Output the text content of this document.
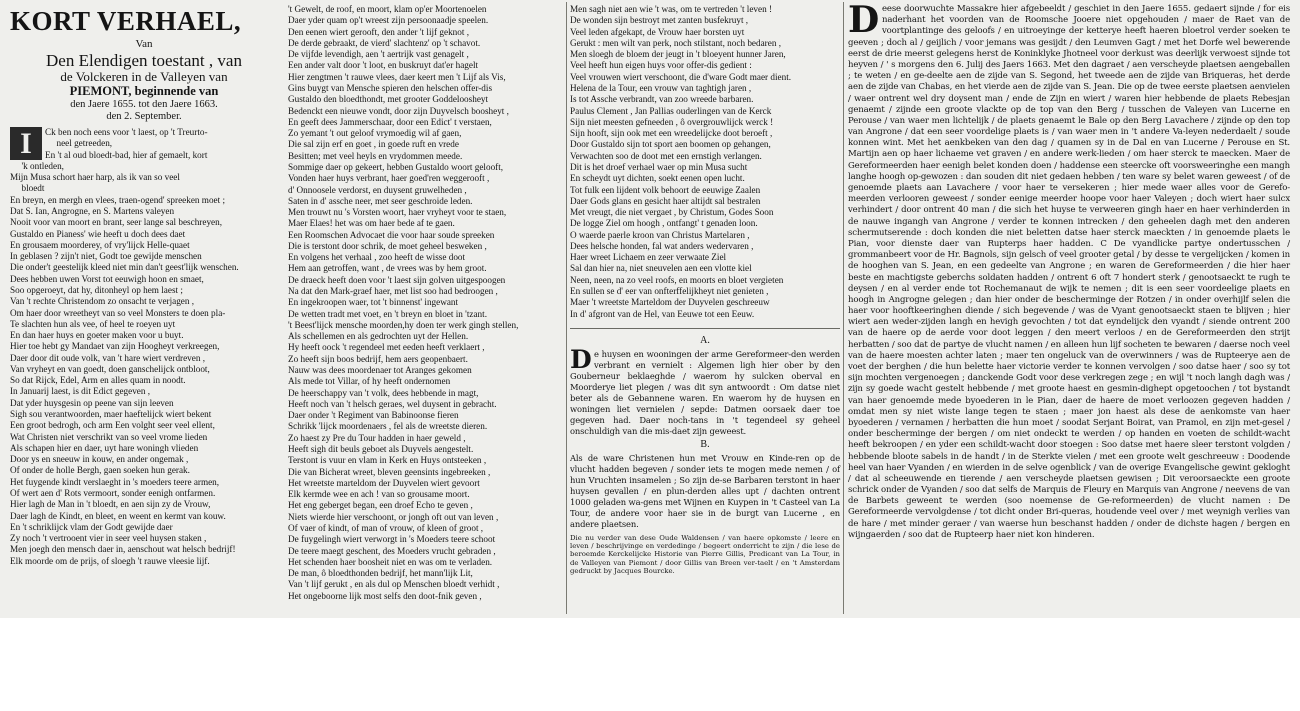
KORT VERHAEL,
Van
Den Elendigen toestant , van
de Volckeren in de Valleyen van
PIEMONT, beginnende van
den Jaere 1655. tot den Jaere 1663.
den 2. September.
I	Ck ben noch eens voor 't laest, op 't Treurto-
neel getreeden,
En 't al oud bloedt-bad, hier af gemaelt, kort
'k ontleden,
Mijn Musa schort haer harp, als ik van so veel
bloedt
En breyn, en mergh en vlees, traen-ogend' spreeken moet ;
Dat S. Ian, Angrogne, en S. Martens valeyen
Nooit voor van moort en brant, seer lange sal beschreyen,
Gustaldo en Pianess' wie heeft u doch dees daet
En grousaem moorderey, of vry'lijck Helle-quaet
In geblasen ? zijn't niet, Godt toe gewijde menschen
Die onder't geestelijk kleed niet min dan't geest'lijk wenschen.
Dees hebben uwen Vorst tot eeuwigh hoon en smaet,
Soo opgeroeyt, dat hy, ditonheyl op hem laest ;
Van 't rechte Christendom zo onsacht te verjagen ,
Om haer door wreetheyt van so veel Monsters te doen pla-
Te slachten hun als vee, of heel te roeyen uyt
En dan haer huys en goeter maken voor u buyt.
Hier toe hebt gy Mandaet van zijn Hoogheyt verkreegen,
Daer door dit oude volk, van 't hare wiert verdreven ,
Van vryheyt en van goedt, doen ganschelijck ontbloot,
So dat Rijck, Edel, Arm en alles quam in noodt.
In Januarij laest, is dit Edict gegeven ,
Dat yder huysgesin op peene van sijn leeven
Sigh sou verantwoorden, maer haeftelijck wiert bekent
Een groot bedrogh, och arm Een volght seer veel ellent,
Wat Christen niet verschrikt van so veel vrome lieden
Als schapen hier en daer, uyt hare woningh vlieden
Door ys en sneeuw in kouw, en ander ongemak ,
Of onder de holle Bergh, gaen soeken hun gerak.
Het fuygende kindt verslaeght in 's moeders teere armen,
Of wert aen d' Rots vermoort, sonder eenigh ontfarmen.
Hier lagh de Man in 't bloedt, en aen sijn zy de Vrouw,
Daer lagh de Kindt, en bleet, en weent en kermt van kouw.
En 't schriklijck vlam der Godt gewijde daer
Zy noch 't vertrooent vier in seer veel huysen staken ,
Men joegh den mensch daer in, aenschout wat helsch bedrijf!
Elk moorde om de prijs, of sloegh 't rauwe vleesie lijf.
't Gewelt, de roof, en moort, klam op'er Moortenoelen
Daer yder quam op't wreest zijn persoonaadje speelen.
Den eenen wiert gerooft, den ander 't lijf geknot ,
De derde gebraakt, de vierd' slachtenz' op 't schavot.
De vijfde levendigh, aen 't aertrijk vast genagelt ,
Een ander valt door 't loot, en buskruyt dat'er hagelt
Hier zengtmen 't rauwe vlees, daer keert men 't Lijf als Vis,
Gins buygt van Mensche spieren den helschen offer-dis
Gustaldo den bloedthondt, met grooter Goddeloosheyt
Bedenckt een nieuwe vondt, door zijn Duyvelsch boosheyt ,
En geeft dees Jammerschaar, door een Edict' t verstaen,
Zo yemant 't out geloof vrymoedig wil af gaen,
Die sal zijn erf en goet , in goede ruft en vrede
Besitten; met veel heyls en vrydommen meede.
Sommige daer op gekeert, hebben Gustaldo woort gelooft,
Vonden haer huys verbrant, haer goed'ren weggerooft ,
d' Onnoosele verdorst, en duysent gruwelheden ,
Saten in d' assche neer, met seer geschroide leden.
Men trouwt nu 's Vorsten woort, haer vryheyt voor te staen,
Maer Elaes! het was om haer bede af te gaen.
Een Roomschen Advocaet die voor haar soude spreeken
Die is terstont door schrik, de moet geheel besweken ,
En volgens het verhaal , zoo heeft de wisse doot
Hem aan getroffen, want , de vrees was by hem groot.
De draeck heeft doen voor 't laest sijn golven uitgespoogen
Na dat den Mark-graef haer, met list soo had bedroogen ,
En ingekroopen waer, tot 't binnenst' ingewant
De wetten tradt met voet, en 't breyn en bloet in 'tzant.
't Beest'lijck mensche moorden,hy doen ter werk gingh stellen,
Als schellemen en als gedrochten uyt der Hellen.
Hy heeft oock 't regendeel met eeden heeft verklaert ,
Zo heeft sijn boos bedrijf, hem aers geopenbaert.
Nauw was dees moordenaer tot Aranges gekomen
Als mede tot Villar, of hy heeft ondernomen
De heerschappy van 't volk, dees hebbende in magt,
Heeft noch van 't helsch geraes, wel duysent in gebracht.
Daer onder 't Regiment van Babinoonse fieren
Schrikk 'lijck moordenaers , fel als de wreetste dieren.
Zo haest zy Pre du Tour hadden in haer geweld ,
Heeft sigh dit beuls geboet als Duyvels aengestelt.
Terstont is vuur en vlam in Kerk en Huys ontsteeken ,
Die van Bicherat wreet, bleven geensints ingebreeken ,
Het wreetste marteldom der Duyvelen wiert gevoort
Elk kermde wee en ach ! van so grousame moort.
Het eng geberget began, een droef Echo te geven ,
Niets wierde hier verschoont, or jongh oft out van leven ,
Of vaer of kindt, of man of vrouw, of kleen of groot ,
De fuygelingh wiert verworgt in 's Moeders teere schoot
De teere maegt geschent, des Moeders vrucht gebraden ,
Het schenden haer boosheit niet en was om te verladen.
De man, ô bloedthonden bedrijf, het mann'lijk Lit,
Van 't lijf gerukt , en als dul op Menschen bloedt verhidt ,
Het ongeboorne lijk most selfs den doot-fnik geven ,
Men sagh niet aen wie 't was, om te vertreden 't leven !
De wonden sijn bestroyt met zanten busfekruyt ,
Veel leden afgekapt, de Vrouw haer borsten uyt
Gerukt : men wilt van perk, noch stilstant, noch bedaren ,
Men sloegh de bloem der jeugt in 't bloeyent hunner Jaren,
Veel heeft hun eigen huys voor offer-dis gedient :
Veel vrouwen wiert verschoont, die d'ware Godt maer dient.
Helena de la Tour, een vrouw van taghtigh jaren ,
Is tot Assche verbrandt, van zoo wreede barbaren.
Paulus Clement , Jan Pallias ouderlingen van de Kerck
Sijn niet meesten gefneeden , ô overgrouwlijck werck !
Sijn hooft, sijn ook met een wreedelijcke doot beroeft ,
Door Gustaldo sijn tot sport aen boomen op gehangen,
Verwachten soo de doot met een ernstigh verlangen.
Dit is het droef verhael waer op min Musa sucht
En scheydt uyt dichten, soekt eenen open lucht.
Tot fulk een lijdent volk behoort de eeuwige Zaalen
Daer Gods glans en gesicht haer altijdt sal bestralen
Met vreugt, die niet vergaet , by Christum, Godes Soon
De logge Ziel om hoogh , ontfangt' t genaden loon.
O waerde paerle kroon van Christus Martelaren ,
Dees helsche honden, fal wat anders wedervaren ,
Haer wreet Lichaem en zeer verwaate Ziel
Sal dan hier na, niet sneuvelen aen een vlotte kiel
Neen, neen, na zo veel roofs, en moorts en bloet vergieten
En sullen se d' eer van onfterffelijkheyt niet genieten ,
Maer 't wreetste Marteldom der Duyvelen geschreeuw
In d' afgront van de Hel, van Eeuwe tot een Eeuw.
A.
De huysen en wooningen der arme Gereformeer-den werden verbrant en vernielt : Algemen ligh hier ober by den Gouberneur beklaeghde / waerom hy sulcken oberval en Moorderye liet plegen / was dit syn antwoordt : Om datse niet beter als de Gebannene waren. En waerom hy de huysen en woningen liet vernielen / sepde: Datmen oorsaek daer toe gegeven had. Daer noch-tans in 't tegendeel sy geheel onschuldigh van die mis-daet zijn geweest.
B.
Als de ware Christenen hun met Vrouw en Kinde-ren op de vlucht hadden begeven / sonder iets te mogen mede nemen / of hun Vruchten insamelen ; So zijn de-se Barbaren terstont in haer huysen gevallen / en plun-derden alles upt / dachten ontrent 1000 geladen wa-gens met Wijnen en Kuypen in 't Casteel van La Tour, de andere voor haer sie in de burgt van Lucerne , en andere plaetsen.
Die nu verder van dese Oude Waldensen / van haere opkomste / leere en leven / beschrijvinge en verdedinge / begeert onderricht te zijn / die lese de beroemde Kerckelijcke Historie van Pierre Gillis, Predicant van La Tour, in de Valleyen van Piemont / door Gillis van Breen ver-taelt / en 't Amsterdam gedruckt by Jacques Bourcke.
Deese doorwuchte Massakre hier afgebeeldt / geschiet in den Jaere 1655. gedaert sijnde / for eis naderhant het voorden van de Roomsche Jooere niet opgehouden / maer de Raet van de voortplantinge des geloofs / en uitroeyinge der ketterye heeft haeren bloetrol verder soeken te geeven ; doch al / geijlich / voor jemans was gesijdt / den Leumven Gagt / met het Dorfe wel bewerende eerst de drie meerst gelegens herst de Koninklyke Jhotneel voor derkust was deerlijk verwoest sijnde tot heyven / ' s morgens den 6. Julij des Jaers 1663. Met den dagraet / aen verscheyde plaetsen aengeballen ; te weten / en ge-deelte aen de zijde van S. Segond, het tweede aen de zijde van Briqueras, het derde aen de zijde van Chabas, en het vierde aen de zijde van S. Jean. Die op de twee eerste plaetsen aenvielen / waer ontrent wel dry doysent man / ende de Zijn en wiert / waren hier hebbende de plaets Rebesjan genaemt / zijnde een groote vlackte op de top van den Berg / tusschen de Valeyen van Lucerne en Perouse / van waer men lichtelijk / de plaets genaemt le Bale op den Berg Lavachere / zijnde op den top van Angrone / dat een seer voordelige plaets is / van waer men in 't andere Va-leyen nederdaelt / soude konnen wint. Met het aenkbeken van den dag / quamen sy in de Dal en van Lucerne / Perouse en St. Martijn aen op haer lichaeme vet graven / en andere werk-lieden / om haer sterck te maecken. Maer de Gereformeerden haer eenigh belet konden doen / haddense een steercke oft voorsweeringhe een mangh langhe hoogh op-gewozen : dan souden dit niet gedaen hebben / ten ware sy belet waren geweest / of de genoemde plaets aan Lavachere / voor haer te versekeren ; hier mede waer alles voor de Gerefo-meerden verlooren geweest / sonder eenige meerder hoope voor haer Valeyen ; doch wiert haer sulcx verhindert / door ontrent 40 man / die sich het huyse te verweeren gingh haer en haer verhinderden in de nauwe ingangh van Angrone / verder te konnen intrecken / den geheelen dagh met den anderen schermutserende : doch konden die niet beletten datse haer sterck maeckten / in genoemde plaets le Pian, voor dienste daer van Rupterps haer hadden. C De vyandlicke partye ondertusschen / grommanbeert voor de Hr. Bagnols, sijn gelsch of veel grooter getal / by desse te vergelijcken / komen in de hooghen van S. Jean, en een gedeelte van Angrone ; en waren de Gereformeerden / die hier haer beste en machtigste geberchs soldaten hadden / ontrent 6 oft 7 hondert sterk / genootsaeckt te rugh te deysen / en al verder ende tot Rochemanaut de wijk te nemen ; dit is een seer voordeelige plaets en hoogh in Angrogne gelegen ; dan hier onder de bescherminge der Rotzen / in onder overhijlf selen die haer voor hooftkeeringhen diende / sich begevende / was de Vyant genootsaeckt staen te blijven ; hier wiert aen weder-zijden langh en hevigh gevochten / tot dat eyndelijck den vyandt / siende ontrent 200 van de haere op de aerde voor doot leggen / den meert verloos / en de Gereformeerden den strijt herbatten / soo dat de partye de vlucht namen / en alleen hun lijf socheten te bewaren / daerse noch veel van de haere moesten achter laten ; maer ten ongeluck van de overwinners / was de Rupteerye aen de voet der berghen / die hun belette haer victorie verder te konnen vervolgen / soo datse haer / soo sy tot sijn mochten vergenoegen ; danckende Godt voor dese verkregen zege ; en wijl 't noch langh dagh was / zijn sy goede wacht gestelt hebbende / met groote haest en gesmin-dighept opgetoochen / tot bystandt van haer genoemde mede byoederen in le Pian, daer de haere de moet verloozen gegeven hadden / omdat men sy niet wiste lange tegen te staen ; maer jon haest als dese de aenkomste van haer byoederen / vernamen / herbatten die hun moet / soodat Serjant Boirat, van Pramol, en zijn met-gesel / onder bescherminge der bergen / om niet ondeckt te werden / op handen en voeten de schildt-wacht heeft bekroopen / en yder een schildt-wacht door stoegen : Soo datse met haere sleer terstont volgden / hebbende bloote sabels in de handt / in de Sterkte vielen / met een groote welt geschreeuw : Doodende heel van haer Vyanden / en wierden in de selve ogenblick / van de overige Evangelische gewint gekloght / dat al scheeuwende en tierende / aen verscheyde plaetsen gewisen ; Dit veroorsaeckte een groote schrick onder de Vyanden / soo dat selfs de Marquis de Fleury en Marquis van Angrone / neevens de van de Barbets geweent te werden (soo noemense de Ge-reformeerden) de vlucht namen : De Gereformeerde vervolgdense / tot dicht onder Bri-queras, houdende veel over / met weynigh verlies van de hare / met minder geraer / van waerse hun beschanst hadden / onder de dichste hagen / bergen en wijngaerden / soo dat de Rupteerp haer niet kon hinderen.
